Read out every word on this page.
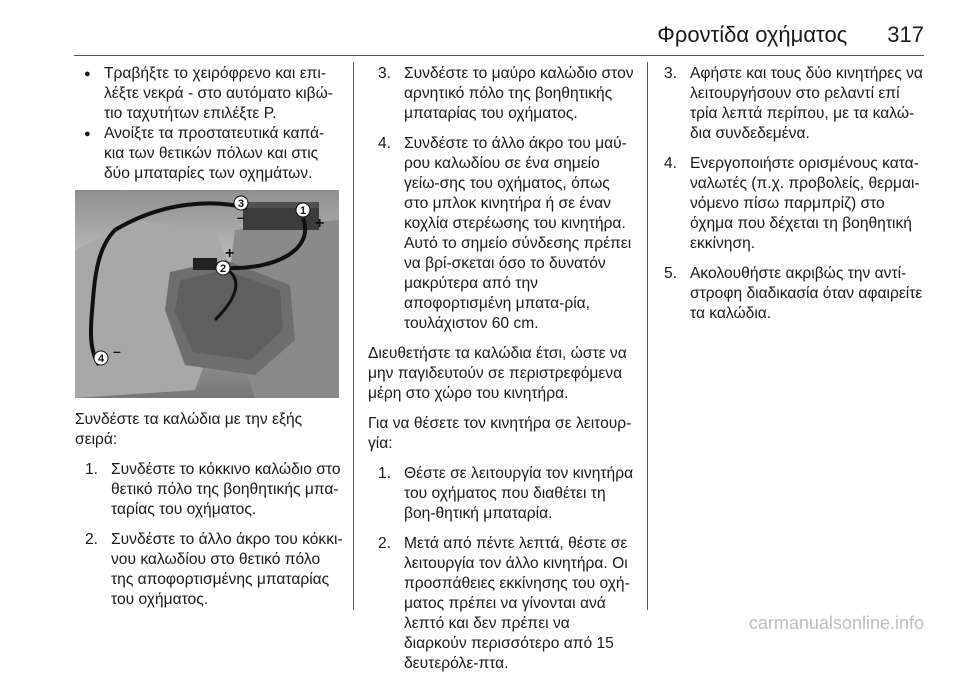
Φροντίδα οχήματος 317

● Τραβήξτε το χειρόφρενο και επι-λέξτε νεκρά - στο αυτόματο κιβώ-τιο ταχυτήτων επιλέξτε P.

● Ανοίξτε τα προστατευτικά καπά-κια των θετικών πόλων και στις δύο μπαταρίες των οχημάτων.

1
+
2
+
3
–
4 –

Συνδέστε τα καλώδια με την εξής σειρά:

1. Συνδέστε το κόκκινο καλώδιο στο θετικό πόλο της βοηθητικής μπα-ταρίας του οχήματος.
2. Συνδέστε το άλλο άκρο του κόκκι-νου καλωδίου στο θετικό πόλο της αποφορτισμένης μπαταρίας του οχήματος.
3. Συνδέστε το μαύρο καλώδιο στον αρνητικό πόλο της βοηθητικής μπαταρίας του οχήματος.
4. Συνδέστε το άλλο άκρο του μαύ-ρου καλωδίου σε ένα σημείο γείω-σης του οχήματος, όπως στο μπλοκ κινητήρα ή σε έναν κοχλία στερέωσης του κινητήρα. Αυτό το σημείο σύνδεσης πρέπει να βρί-σκεται όσο το δυνατόν μακρύτερα από την αποφορτισμένη μπατα-ρία, τουλάχιστον 60 cm.

Διευθετήστε τα καλώδια έτσι, ώστε να μην παγιδευτούν σε περιστρεφόμενα μέρη στο χώρο του κινητήρα.

Για να θέσετε τον κινητήρα σε λειτουρ-γία:

1. Θέστε σε λειτουργία τον κινητήρα του οχήματος που διαθέτει τη βοη-θητική μπαταρία.
2. Μετά από πέντε λεπτά, θέστε σε λειτουργία τον άλλο κινητήρα. Οι προσπάθειες εκκίνησης του οχή-ματος πρέπει να γίνονται ανά λεπτό και δεν πρέπει να διαρκούν περισσότερο από 15 δευτερόλε-πτα.
3. Αφήστε και τους δύο κινητήρες να λειτουργήσουν στο ρελαντί επί τρία λεπτά περίπου, με τα καλώ-δια συνδεδεμένα.
4. Ενεργοποιήστε ορισμένους κατα-ναλωτές (π.χ. προβολείς, θερμαι-νόμενο πίσω παρμπρίζ) στο όχημα που δέχεται τη βοηθητική εκκίνηση.
5. Ακολουθήστε ακριβώς την αντί-στροφη διαδικασία όταν αφαιρείτε τα καλώδια.
carmanualsonline.info
